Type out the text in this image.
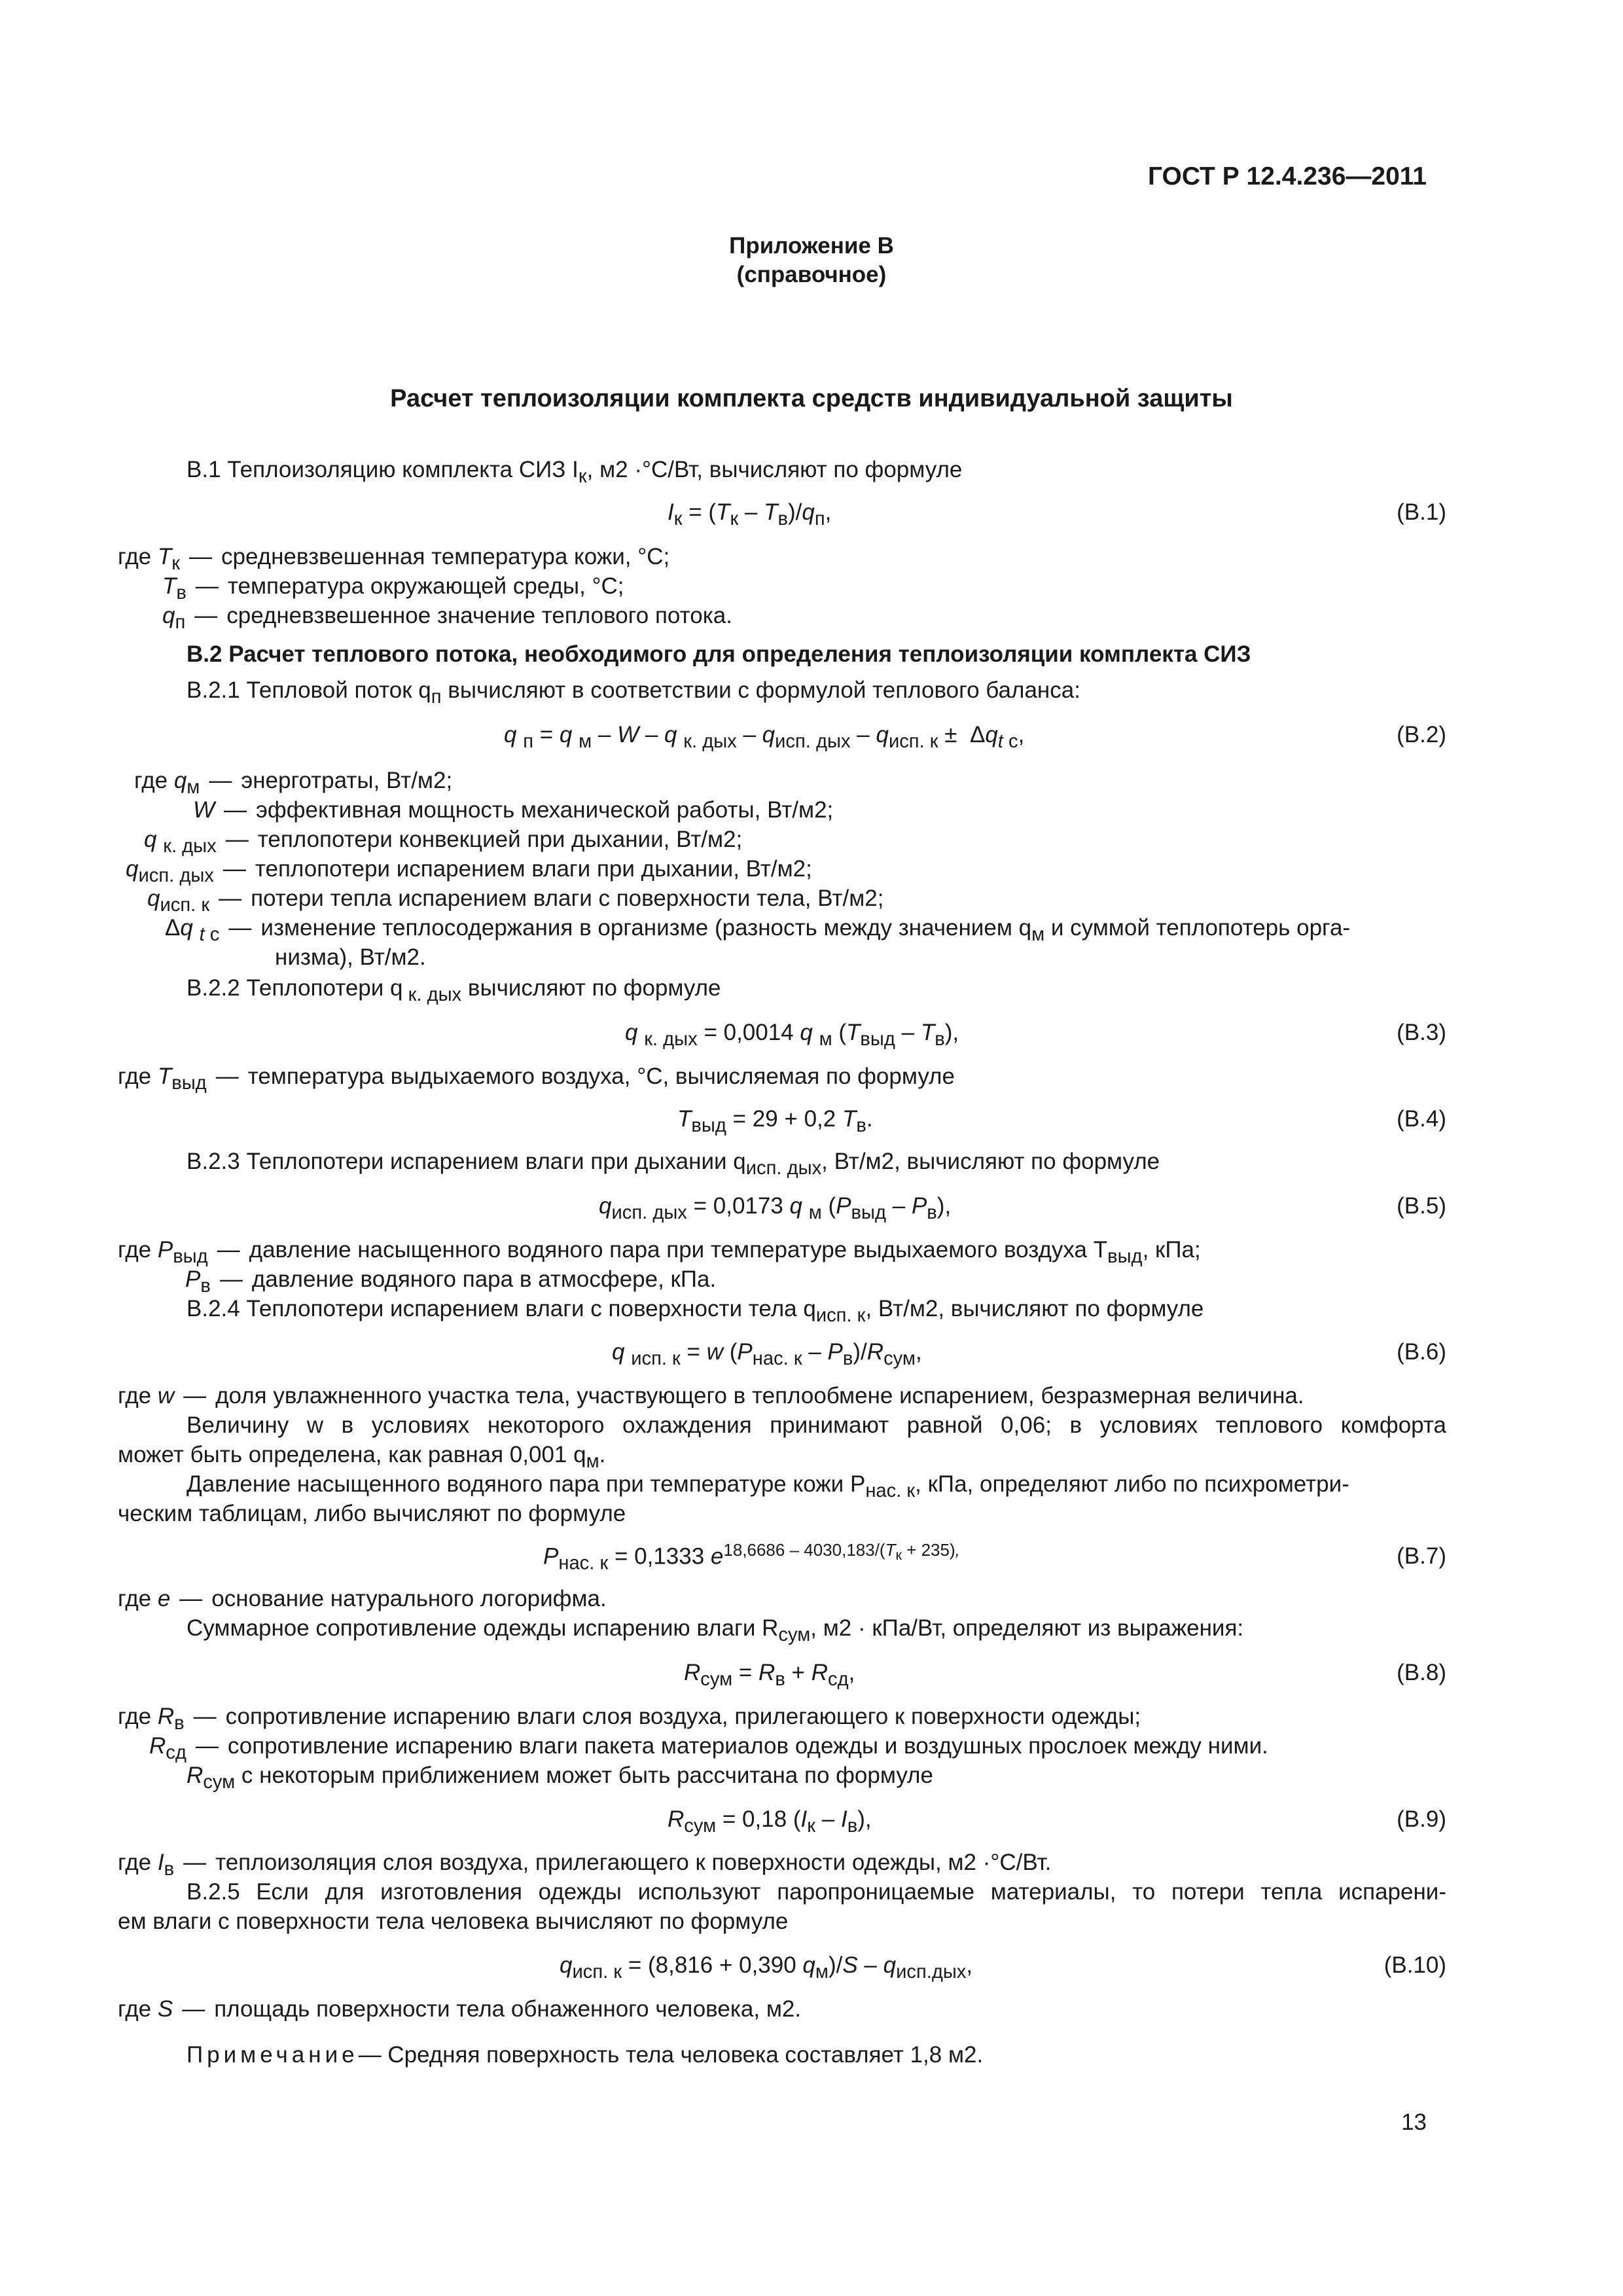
ГОСТ Р 12.4.236—2011
Приложение В
(справочное)
Расчет теплоизоляции комплекта средств индивидуальной защиты
В.1 Теплоизоляцию комплекта СИЗ $I_к$, м2 ·°С/Вт, вычисляют по формуле
$I_к = (T_к - T_в)/q_п$,	(В.1)
где $T_к$ — средневзвешенная температура кожи, °С;
$T_в$ — температура окружающей среды, °С;
$q_п$ — средневзвешенное значение теплового потока.
В.2 Расчет теплового потока, необходимого для определения теплоизоляции комплекта СИЗ
В.2.1 Тепловой поток $q_п$ вычисляют в соответствии с формулой теплового баланса:
q $_п$ = q $_м$ – W – q $_{к. дых} - q_{исп. дых} - q_{исп. к} \pm \Delta q_{t с}$,	(В.2)
где $q_м$ — энерготраты, Вт/м2;
W — эффективная мощность механической работы, Вт/м2;
q $_{к. дых}$ — теплопотери конвекцией при дыхании, Вт/м2;
$q_{исп. дых}$ — теплопотери испарением влаги при дыхании, Вт/м2;
$q_{исп. к}$ — потери тепла испарением влаги с поверхности тела, Вт/м2;
Δq $_{t с}$ — изменение теплосодержания в организме (разность между значением $q_м$ и суммой теплопотерь орга-
низма), Вт/м2.
В.2.2 Теплопотери q $_{к. дых}$ вычисляют по формуле
q $_{к. дых}$ = 0,0014 q $_м$ $(T_{выд} - T_в)$,	(В.3)
где $T_{выд}$ — температура выдыхаемого воздуха, °С, вычисляемая по формуле
$T_{выд} = 29 + 0,2$ $T_в$.	(В.4)
В.2.3 Теплопотери испарением влаги при дыхании $q_{исп. дых}$, Вт/м2, вычисляют по формуле
$q_{исп. дых} = 0,0173$ q $_м$ $(P_{выд} - P_в)$,	(В.5)
где $P_{выд}$ — давление насыщенного водяного пара при температуре выдыхаемого воздуха $T_{выд}$, кПа;
$P_в$ — давление водяного пара в атмосфере, кПа.
В.2.4 Теплопотери испарением влаги с поверхности тела $q_{исп. к}$, Вт/м2, вычисляют по формуле
q $_{исп. к}$ = w $(P_{нас. к} - P_в)/R_{сум}$,	(В.6)
где w — доля увлажненного участка тела, участвующего в теплообмене испарением, безразмерная величина.
Величину w в условиях некоторого охлаждения принимают равной 0,06; в условиях теплового комфорта
может быть определена, как равная 0,001 $q_м$.
Давление насыщенного водяного пара при температуре кожи $P_{нас. к}$, кПа, определяют либо по психрометри-
ческим таблицам, либо вычисляют по формуле
$P_{нас. к} = 0,1333$ $e^{18,6686 - 4030,183/(T_к + 235),}$	(В.7)
где e — основание натурального логорифма.
Суммарное сопротивление одежды испарению влаги $R_{сум}$, м2 · кПа/Вт, определяют из выражения:
$R_{сум} = R_в + R_{сд}$,	(В.8)
где $R_в$ — сопротивление испарению влаги слоя воздуха, прилегающего к поверхности одежды;
$R_{сд}$ — сопротивление испарению влаги пакета материалов одежды и воздушных прослоек между ними.
$R_{сум}$ с некоторым приближением может быть рассчитана по формуле
$R_{сум} = 0,18$ $(I_к - I_в)$,	(В.9)
где $I_в$ — теплоизоляция слоя воздуха, прилегающего к поверхности одежды, м2 ·°С/Вт.
В.2.5 Если для изготовления одежды используют паропроницаемые материалы, то потери тепла испарени-
ем влаги с поверхности тела человека вычисляют по формуле
$q_{исп. к} = (8,816 + 0,390$ $q_м)/S - q_{исп.дых}$,	(В.10)
где S — площадь поверхности тела обнаженного человека, м2.
Примечание— Средняя поверхность тела человека составляет 1,8 м2.
13
